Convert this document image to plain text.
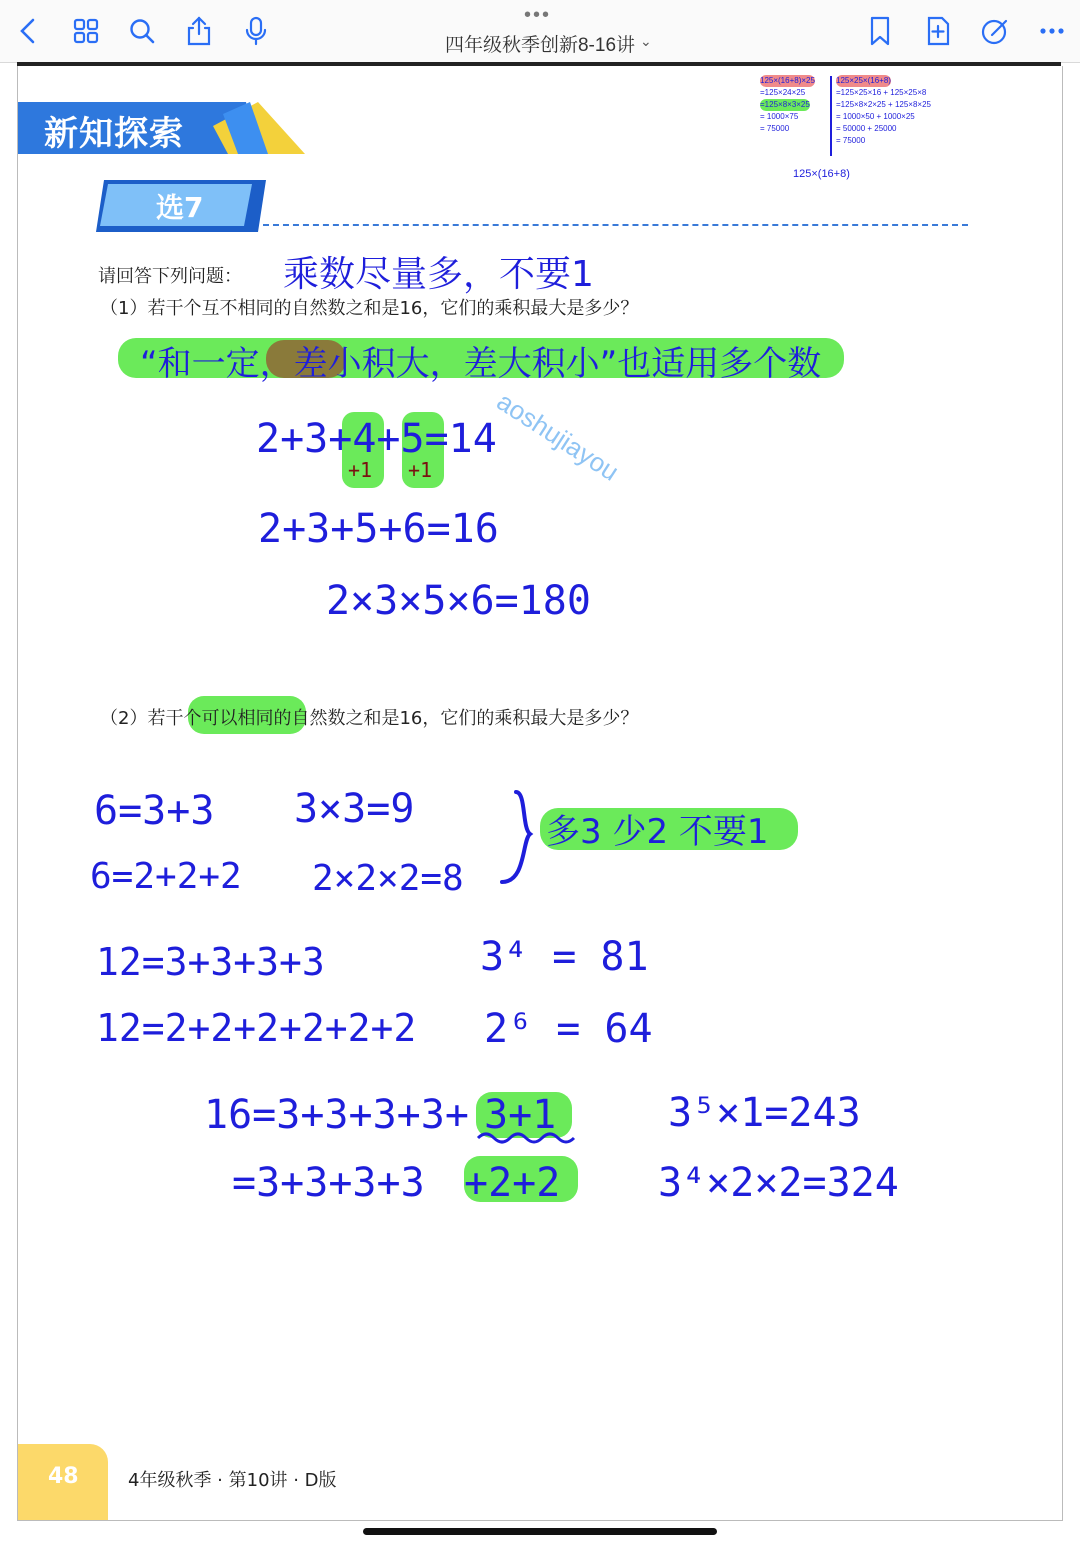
•••
四年级秋季创新8-16讲 ⌄
新知探索
选7
125×(16+8)×25
=125×24×25
=125×8×3×25
= 1000×75
= 75000
125×25×(16+8)
=125×25×16 + 125×25×8
=125×8×2×25 + 125×8×25
= 1000×50 + 1000×25
= 50000 + 25000
= 75000
125×(16+8)
请回答下列问题： 乘数尽量多，不要1
（1）若干个互不相同的自然数之和是16，它们的乘积最大是多少？
“和一定，差小积大，差大积小”也适用多个数
aoshujiayou
2+3+4+5=14
+1 +1
2+3+5+6=16
2×3×5×6=180
（2）若干个可以相同的自然数之和是16，它们的乘积最大是多少？
6=3+3
6=2+2+2
3×3=9
2×2×2=8
多3 少2 不要1
12=3+3+3+3
12=2+2+2+2+2+2
3⁴ = 81
2⁶ = 64
16=3+3+3+3+ 3+1
=3+3+3+3 +2+2
3⁵×1=243
3⁴×2×2=324
48	4年级秋季 · 第10讲 · D版
